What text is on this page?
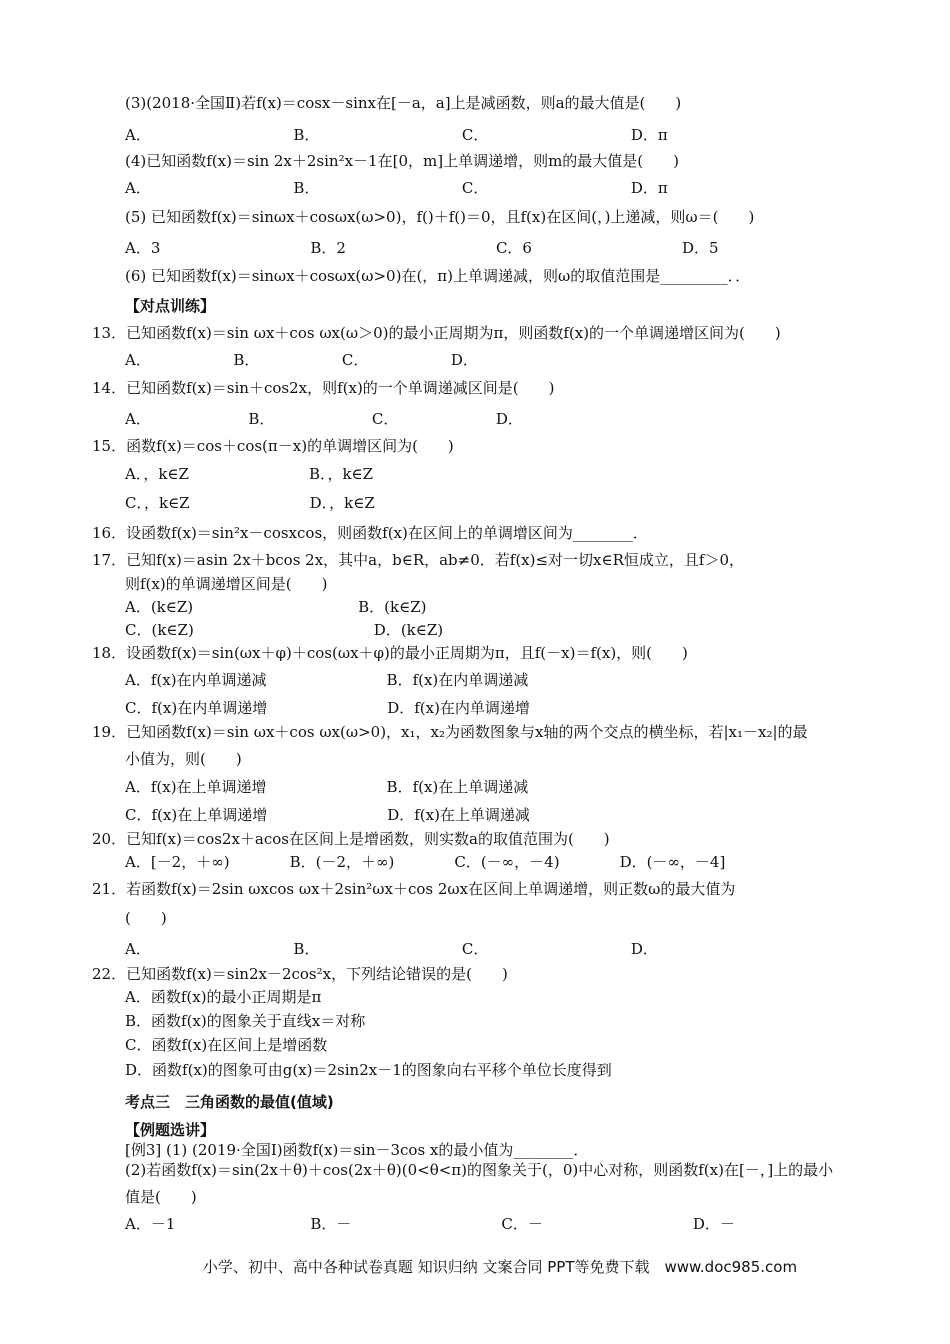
(3)(2018·全国Ⅱ)若f(x)＝cosx－sinx在[－a，a]上是减函数，则a的最大值是(　　)
A．　　　　　　　　　　B．　　　　　　　　　　C．　　　　　　　　　　D．π
(4)已知函数f(x)＝sin 2x＋2sin²x－1在[0，m]上单调递增，则m的最大值是(　　)
A．　　　　　　　　　　B．　　　　　　　　　　C．　　　　　　　　　　D．π
(5) 已知函数f(x)＝sinωx＋cosωx(ω>0)，f()＋f()＝0，且f(x)在区间(，)上递减，则ω＝(　　)
A．3　　　　　　　　　　B．2　　　　　　　　　　C．6　　　　　　　　　　D．5
(6) 已知函数f(x)＝sinωx＋cosωx(ω>0)在(，π)上单调递减，则ω的取值范围是_________．．
【对点训练】
13．已知函数f(x)＝sin ωx＋cos ωx(ω＞0)的最小正周期为π，则函数f(x)的一个单调递增区间为(　　)
A．　　　　　　B．　　　　　　C．　　　　　　D．
14．已知函数f(x)＝sin＋cos2x，则f(x)的一个单调递减区间是(　　)
A．　　　　　　　B．　　　　　　　C．　　　　　　　D．
15．函数f(x)＝cos＋cos(π－x)的单调增区间为(　　)
A．，k∈Z　　　　　　　　B．，k∈Z
C．，k∈Z　　　　　　　　D．，k∈Z
16．设函数f(x)＝sin²x－cosxcos，则函数f(x)在区间上的单调增区间为________．
17．已知f(x)＝asin 2x＋bcos 2x，其中a，b∈R，ab≠0．若f(x)≤对一切x∈R恒成立，且f＞0，
则f(x)的单调递增区间是(　　)
A．(k∈Z)　　　　　　　　　　　B．(k∈Z)
C．(k∈Z)　　　　　　　　　　　　D．(k∈Z)
18．设函数f(x)＝sin(ωx＋φ)＋cos(ωx＋φ)的最小正周期为π，且f(－x)＝f(x)，则(　　)
A．f(x)在内单调递减　　　　　　　　B．f(x)在内单调递减
C．f(x)在内单调递增　　　　　　　　D．f(x)在内单调递增
19．已知函数f(x)＝sin ωx＋cos ωx(ω>0)，x₁，x₂为函数图象与x轴的两个交点的横坐标，若|x₁－x₂|的最
小值为，则(　　)
A．f(x)在上单调递增　　　　　　　　B．f(x)在上单调递减
C．f(x)在上单调递增　　　　　　　　D．f(x)在上单调递减
20．已知f(x)＝cos2x＋acos在区间上是增函数，则实数a的取值范围为(　　)
A．[－2，＋∞)　　　　B．(－2，＋∞)　　　　C．(－∞，－4)　　　　D．(－∞，－4]
21．若函数f(x)＝2sin ωxcos ωx＋2sin²ωx＋cos 2ωx在区间上单调递增，则正数ω的最大值为
(　　)
A．　　　　　　　　　　B．　　　　　　　　　　C．　　　　　　　　　　D．
22．已知函数f(x)＝sin2x－2cos²x，下列结论错误的是(　　)
A．函数f(x)的最小正周期是π
B．函数f(x)的图象关于直线x＝对称
C．函数f(x)在区间上是增函数
D．函数f(x)的图象可由g(x)＝2sin2x－1的图象向右平移个单位长度得到
考点三　三角函数的最值(值域)
【例题选讲】
[例3] (1) (2019·全国Ⅰ)函数f(x)＝sin－3cos x的最小值为________．
(2)若函数f(x)＝sin(2x＋θ)＋cos(2x＋θ)(0<θ<π)的图象关于(，0)中心对称，则函数f(x)在[－，]上的最小
值是(　　)
A．－1　　　　　　　　　B．－　　　　　　　　　　C．－　　　　　　　　　　D．－
小学、初中、高中各种试卷真题 知识归纳 文案合同 PPT等免费下载　www.doc985.com
